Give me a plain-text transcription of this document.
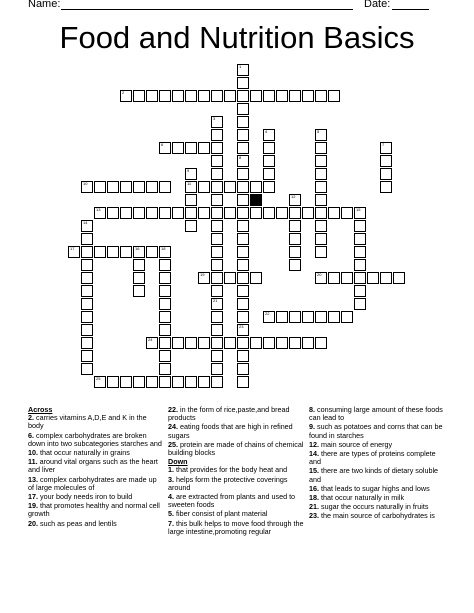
Name:	Date:
Food and Nutrition Basics
1
2
3
4	5
6	7
8
9
10	11
12
13
14
15
16
17	18
19	20
21
22
23
24
25
Across
2. carries vitamins A,D,E and K in the body
6. complex carbohydrates are broken down into two subcategories starches and
10. that occur naturally in grains
11. around vital organs such as the heart and liver
13. complex carbohydrates are made up of large molecules of
17. your body needs iron to build
19. that promotes healthy and normal cell growth
20. such as peas and lentils
22. in the form of rice,paste,and bread products
24. eating foods that are high in refined sugars
25. protein are made of chains of chemical building blocks
Down
1. that provides for the body heat and
3. helps form the protective coverings around
4. are extracted from plants and used to sweeten foods
5. fiber consist of plant material
7. this bulk helps to move food through the large intestine,promoting regular
8. consuming large amount of these foods can lead to
9. such as potatoes and corns that can be found in starches
12. main source of energy
14. there are types of proteins complete and
15. there are two kinds of dietary soluble and
16. that leads to sugar highs and lows
18. that occur naturally in milk
21. sugar the occurs naturally in fruits
23. the main source of carbohydrates is
